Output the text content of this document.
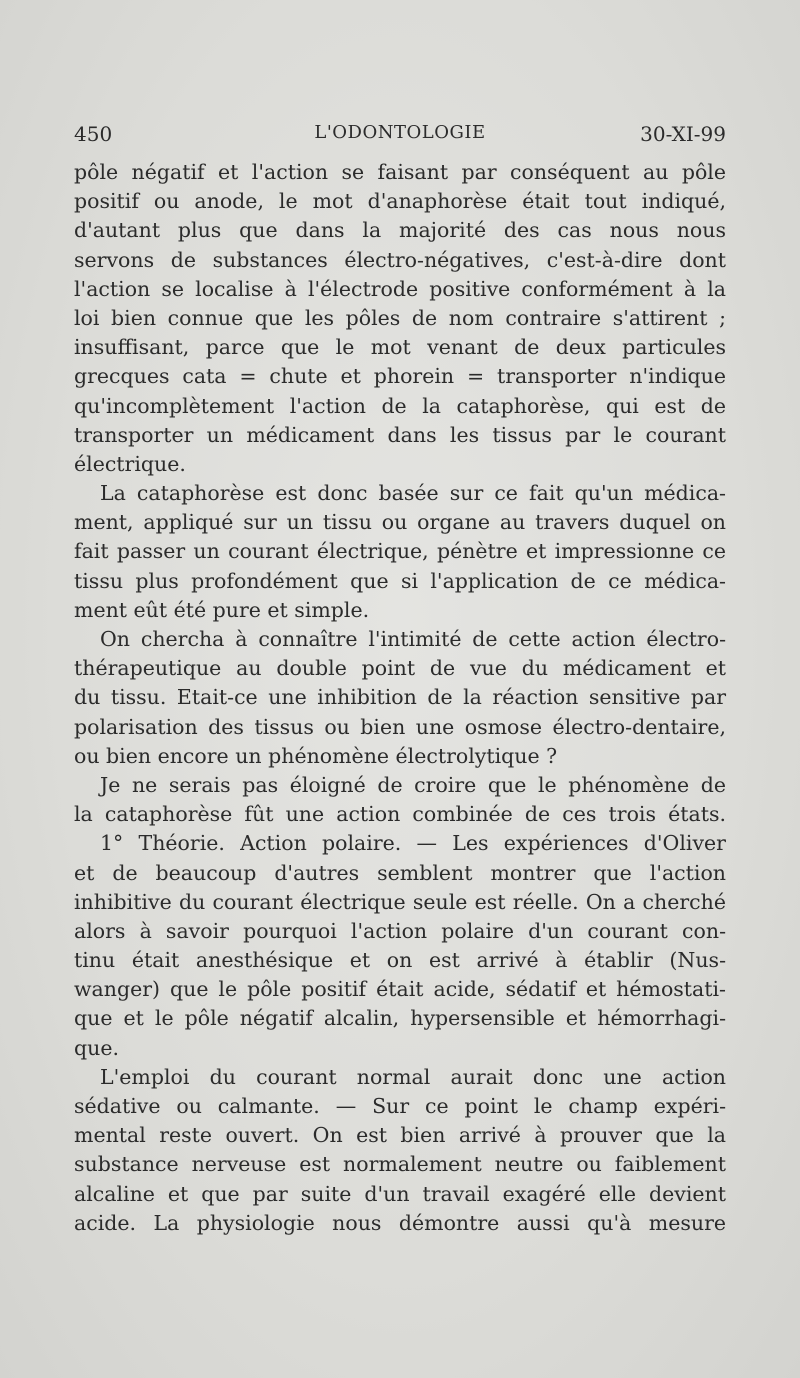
450	L'ODONTOLOGIE	30-XI-99
pôle négatif et l'action se faisant par conséquent au pôle
positif ou anode, le mot d'anaphorèse était tout indiqué,
d'autant plus que dans la majorité des cas nous nous
servons de substances électro-négatives, c'est-à-dire dont
l'action se localise à l'électrode positive conformément à la
loi bien connue que les pôles de nom contraire s'attirent ;
insuffisant, parce que le mot venant de deux particules
grecques cata = chute et phorein = transporter n'indique
qu'incomplètement l'action de la cataphorèse, qui est de
transporter un médicament dans les tissus par le courant
électrique.
La cataphorèse est donc basée sur ce fait qu'un médica-
ment, appliqué sur un tissu ou organe au travers duquel on
fait passer un courant électrique, pénètre et impressionne ce
tissu plus profondément que si l'application de ce médica-
ment eût été pure et simple.
On chercha à connaître l'intimité de cette action électro-
thérapeutique au double point de vue du médicament et
du tissu. Etait-ce une inhibition de la réaction sensitive par
polarisation des tissus ou bien une osmose électro-dentaire,
ou bien encore un phénomène électrolytique ?
Je ne serais pas éloigné de croire que le phénomène de
la cataphorèse fût une action combinée de ces trois états.
1° Théorie. Action polaire. — Les expériences d'Oliver
et de beaucoup d'autres semblent montrer que l'action
inhibitive du courant électrique seule est réelle. On a cherché
alors à savoir pourquoi l'action polaire d'un courant con-
tinu était anesthésique et on est arrivé à établir (Nus-
wanger) que le pôle positif était acide, sédatif et hémostati-
que et le pôle négatif alcalin, hypersensible et hémorrhagi-
que.
L'emploi du courant normal aurait donc une action
sédative ou calmante. — Sur ce point le champ expéri-
mental reste ouvert. On est bien arrivé à prouver que la
substance nerveuse est normalement neutre ou faiblement
alcaline et que par suite d'un travail exagéré elle devient
acide. La physiologie nous démontre aussi qu'à mesure
